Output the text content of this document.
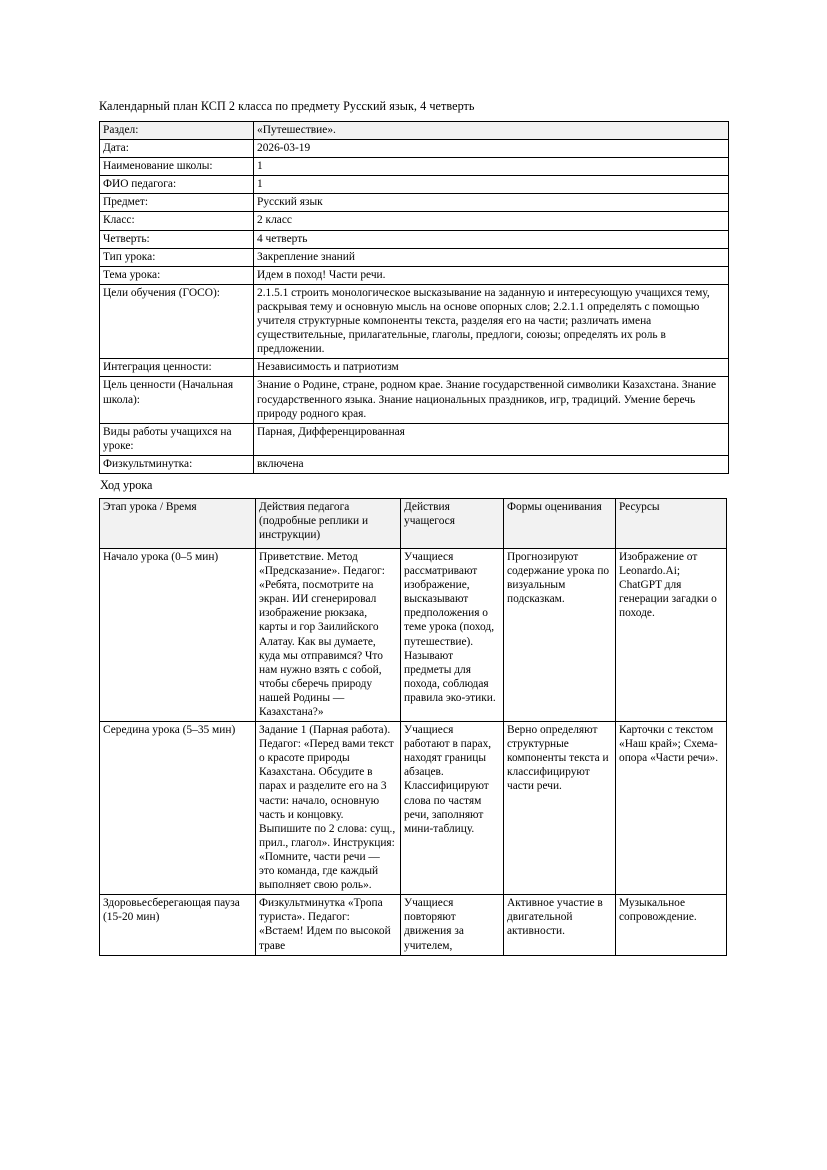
Календарный план КСП 2 класса по предмету Русский язык, 4 четверть

Раздел:	«Путешествие».
Дата:	2026-03-19
Наименование школы:	1
ФИО педагога:	1
Предмет:	Русский язык
Класс:	2 класс
Четверть:	4 четверть
Тип урока:	Закрепление знаний
Тема урока:	Идем в поход! Части речи.
Цели обучения (ГОСО):	2.1.5.1 строить монологическое высказывание на заданную и интересующую учащихся тему, раскрывая тему и основную мысль на основе опорных слов; 2.2.1.1 определять с помощью учителя структурные компоненты текста, разделяя его на части; различать имена существительные, прилагательные, глаголы, предлоги, союзы; определять их роль в предложении.
Интеграция ценности:	Независимость и патриотизм
Цель ценности (Начальная школа):	Знание о Родине, стране, родном крае. Знание государственной символики Казахстана. Знание государственного языка. Знание национальных праздников, игр, традиций. Умение беречь природу родного края.
Виды работы учащихся на уроке:	Парная, Дифференцированная
Физкультминутка:	включена

Ход урока

Этап урока / Время	Действия педагога (подробные реплики и инструкции)	Действия учащегося	Формы оценивания	Ресурсы
Начало урока (0–5 мин)	Приветствие. Метод «Предсказание». Педагог: «Ребята, посмотрите на экран. ИИ сгенерировал изображение рюкзака, карты и гор Заилийского Алатау. Как вы думаете, куда мы отправимся? Что нам нужно взять с собой, чтобы сберечь природу нашей Родины — Казахстана?»	Учащиеся рассматривают изображение, высказывают предположения о теме урока (поход, путешествие). Называют предметы для похода, соблюдая правила эко-этики.	Прогнозируют содержание урока по визуальным подсказкам.	Изображение от Leonardo.Ai; ChatGPT для генерации загадки о походе.
Середина урока (5–35 мин)	Задание 1 (Парная работа). Педагог: «Перед вами текст о красоте природы Казахстана. Обсудите в парах и разделите его на 3 части: начало, основную часть и концовку. Выпишите по 2 слова: сущ., прил., глагол». Инструкция: «Помните, части речи — это команда, где каждый выполняет свою роль».	Учащиеся работают в парах, находят границы абзацев. Классифицируют слова по частям речи, заполняют мини-таблицу.	Верно определяют структурные компоненты текста и классифицируют части речи.	Карточки с текстом «Наш край»; Схема-опора «Части речи».
Здоровьесберегающая пауза (15-20 мин)	Физкультминутка «Тропа туриста». Педагог: «Встаем! Идем по высокой траве	Учащиеся повторяют движения за учителем,	Активное участие в двигательной активности.	Музыкальное сопровождение.
